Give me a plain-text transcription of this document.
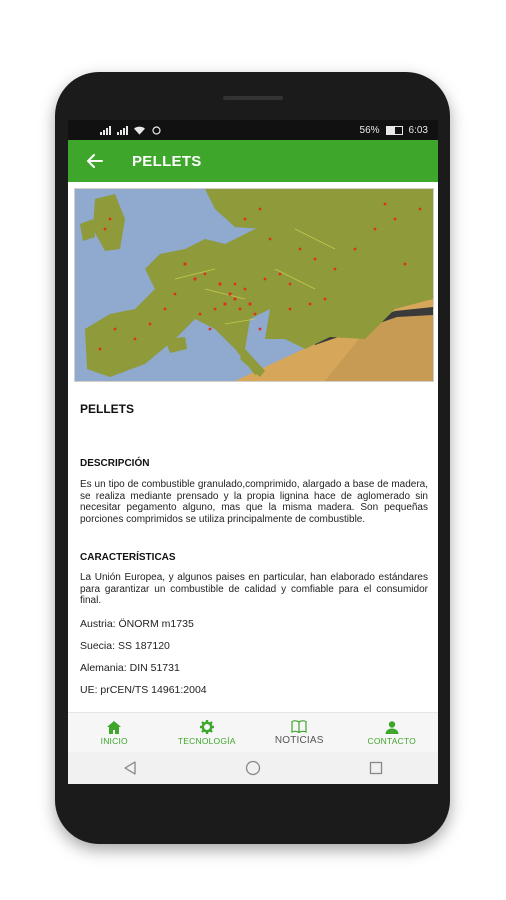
56%	6:03
PELLETS
PELLETS
DESCRIPCIÓN
Es un tipo de combustible granulado,comprimido, alargado a base de madera, se realiza mediante prensado y la propia lignina hace de aglomerado sin necesitar pegamento alguno, mas que la misma madera. Son pequeñas porciones comprimidos se utiliza principalmente de combustible.
CARACTERÍSTICAS
La Unión Europea, y algunos paises en particular, han elaborado estándares para garantizar un combustible de calidad y comfiable para el consumidor final.
Austria: ÖNORM m1735
Suecia: SS 187120
Alemania: DIN 51731
UE: prCEN/TS 14961:2004
INICIO	TECNOLOGÍA	NOTICIAS	CONTACTO
